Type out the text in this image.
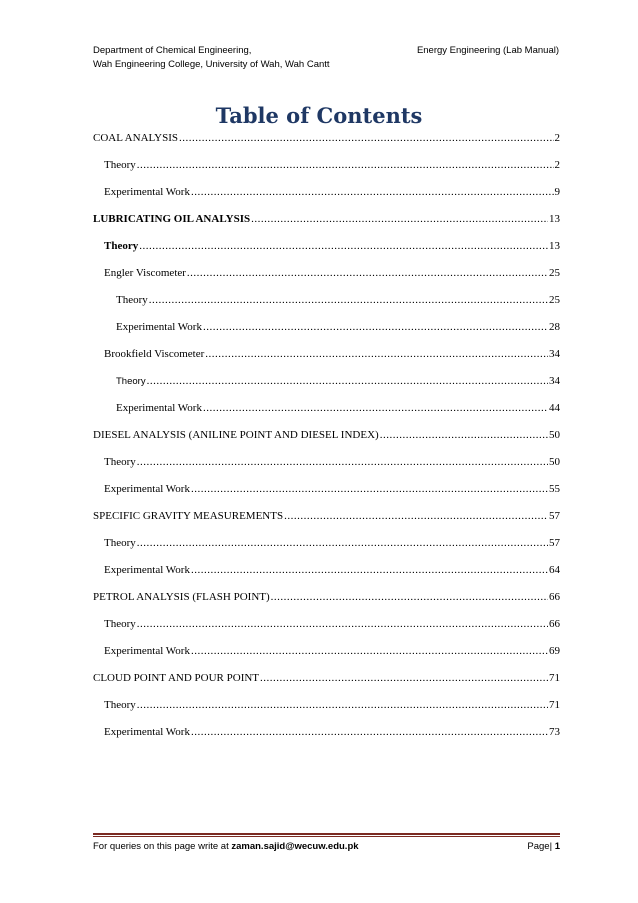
Department of Chemical Engineering,
Wah Engineering College, University of Wah, Wah Cantt
Energy Engineering (Lab Manual)
Table of Contents
COAL ANALYSIS .....	2
Theory .....	2
Experimental Work .....	9
LUBRICATING OIL ANALYSIS .....	13
Theory .....	13
Engler Viscometer .....	25
Theory .....	25
Experimental Work .....	28
Brookfield Viscometer .....	34
Theory .....	34
Experimental Work .....	44
DIESEL ANALYSIS (ANILINE POINT AND DIESEL INDEX) .....	50
Theory .....	50
Experimental Work .....	55
SPECIFIC GRAVITY MEASUREMENTS .....	57
Theory .....	57
Experimental Work .....	64
PETROL ANALYSIS (FLASH POINT) .....	66
Theory .....	66
Experimental Work .....	69
CLOUD POINT AND POUR POINT .....	71
Theory .....	71
Experimental Work .....	73
For queries on this page write at zaman.sajid@wecuw.edu.pk	Page| 1
